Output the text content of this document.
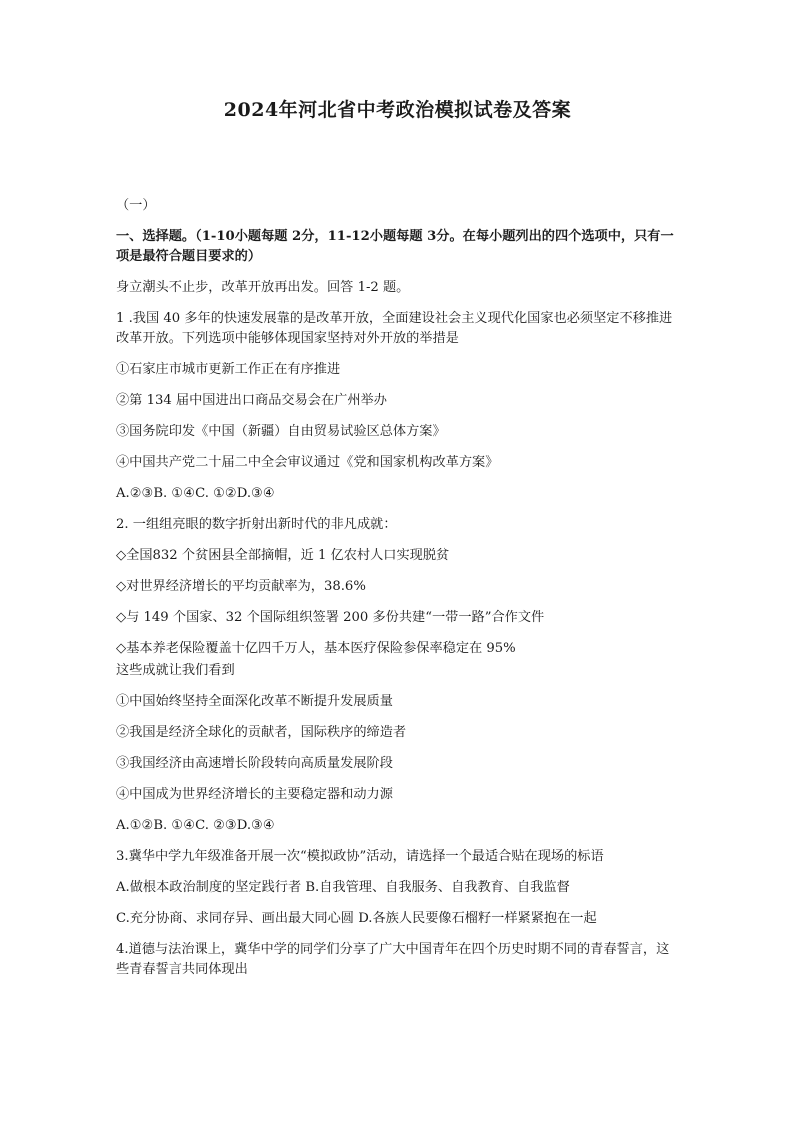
2024年河北省中考政治模拟试卷及答案

（一）

一、选择题。（1-10小题每题 2分，11-12小题每题 3分。在每小题列出的四个选项中，只有一项是最符合题目要求的）

身立潮头不止步，改革开放再出发。回答 1-2 题。

1 .我国 40 多年的快速发展靠的是改革开放，全面建设社会主义现代化国家也必须坚定不移推进改革开放。下列选项中能够体现国家坚持对外开放的举措是

①石家庄市城市更新工作正在有序推进

②第 134 届中国进出口商品交易会在广州举办

③国务院印发《中国（新疆）自由贸易试验区总体方案》

④中国共产党二十届二中全会审议通过《党和国家机构改革方案》

A.②③B. ①④C. ①②D.③④

2. 一组组亮眼的数字折射出新时代的非凡成就：

◇全国832 个贫困县全部摘帽，近 1 亿农村人口实现脱贫

◇对世界经济增长的平均贡献率为，38.6%

◇与 149 个国家、32 个国际组织签署 200 多份共建“一带一路”合作文件

◇基本养老保险覆盖十亿四千万人，基本医疗保险参保率稳定在 95%

这些成就让我们看到

①中国始终坚持全面深化改革不断提升发展质量

②我国是经济全球化的贡献者，国际秩序的缔造者

③我国经济由高速增长阶段转向高质量发展阶段

④中国成为世界经济增长的主要稳定器和动力源

A.①②B. ①④C. ②③D.③④

3.冀华中学九年级准备开展一次“模拟政协”活动，请选择一个最适合贴在现场的标语

A.做根本政治制度的坚定践行者 B.自我管理、自我服务、自我教育、自我监督

C.充分协商、求同存异、画出最大同心圆 D.各族人民要像石榴籽一样紧紧抱在一起

4.道德与法治课上，冀华中学的同学们分享了广大中国青年在四个历史时期不同的青春誓言，这些青春誓言共同体现出
